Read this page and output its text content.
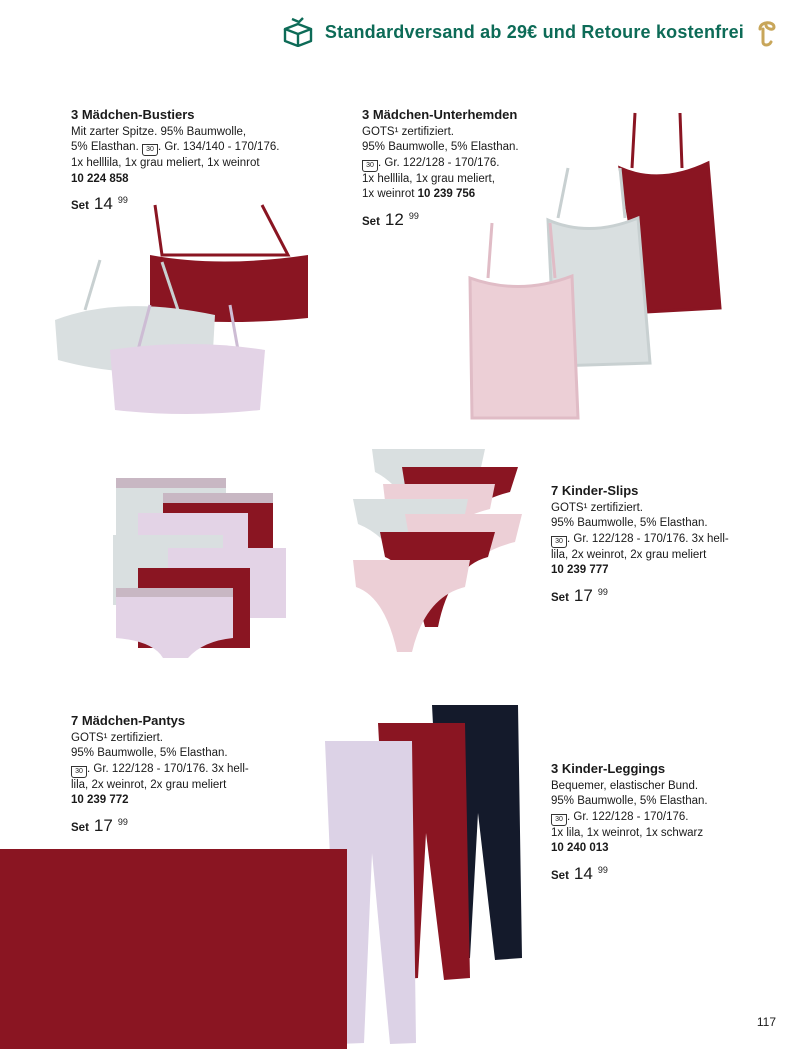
Standardversand ab 29€ und Retoure kostenfrei
3 Mädchen-Bustiers
Mit zarter Spitze. 95% Baumwolle,
5% Elasthan. 30 . Gr. 134/140 - 170/176.
1x helllila, 1x grau meliert, 1x weinrot
10 224 858
Set 14 99
3 Mädchen-Unterhemden
GOTS¹ zertifiziert.
95% Baumwolle, 5% Elasthan.
30 . Gr. 122/128 - 170/176.
1x helllila, 1x grau meliert,
1x weinrot 10 239 756
Set 12 99
7 Kinder-Slips
GOTS¹ zertifiziert.
95% Baumwolle, 5% Elasthan.
30 . Gr. 122/128 - 170/176. 3x hell-
lila, 2x weinrot, 2x grau meliert
10 239 777
Set 17 99
7 Mädchen-Pantys
GOTS¹ zertifiziert.
95% Baumwolle, 5% Elasthan.
30 . Gr. 122/128 - 170/176. 3x hell-
lila, 2x weinrot, 2x grau meliert
10 239 772
Set 17 99
3 Kinder-Leggings
Bequemer, elastischer Bund.
95% Baumwolle, 5% Elasthan.
30 . Gr. 122/128 - 170/176.
1x lila, 1x weinrot, 1x schwarz
10 240 013
Set 14 99
117
